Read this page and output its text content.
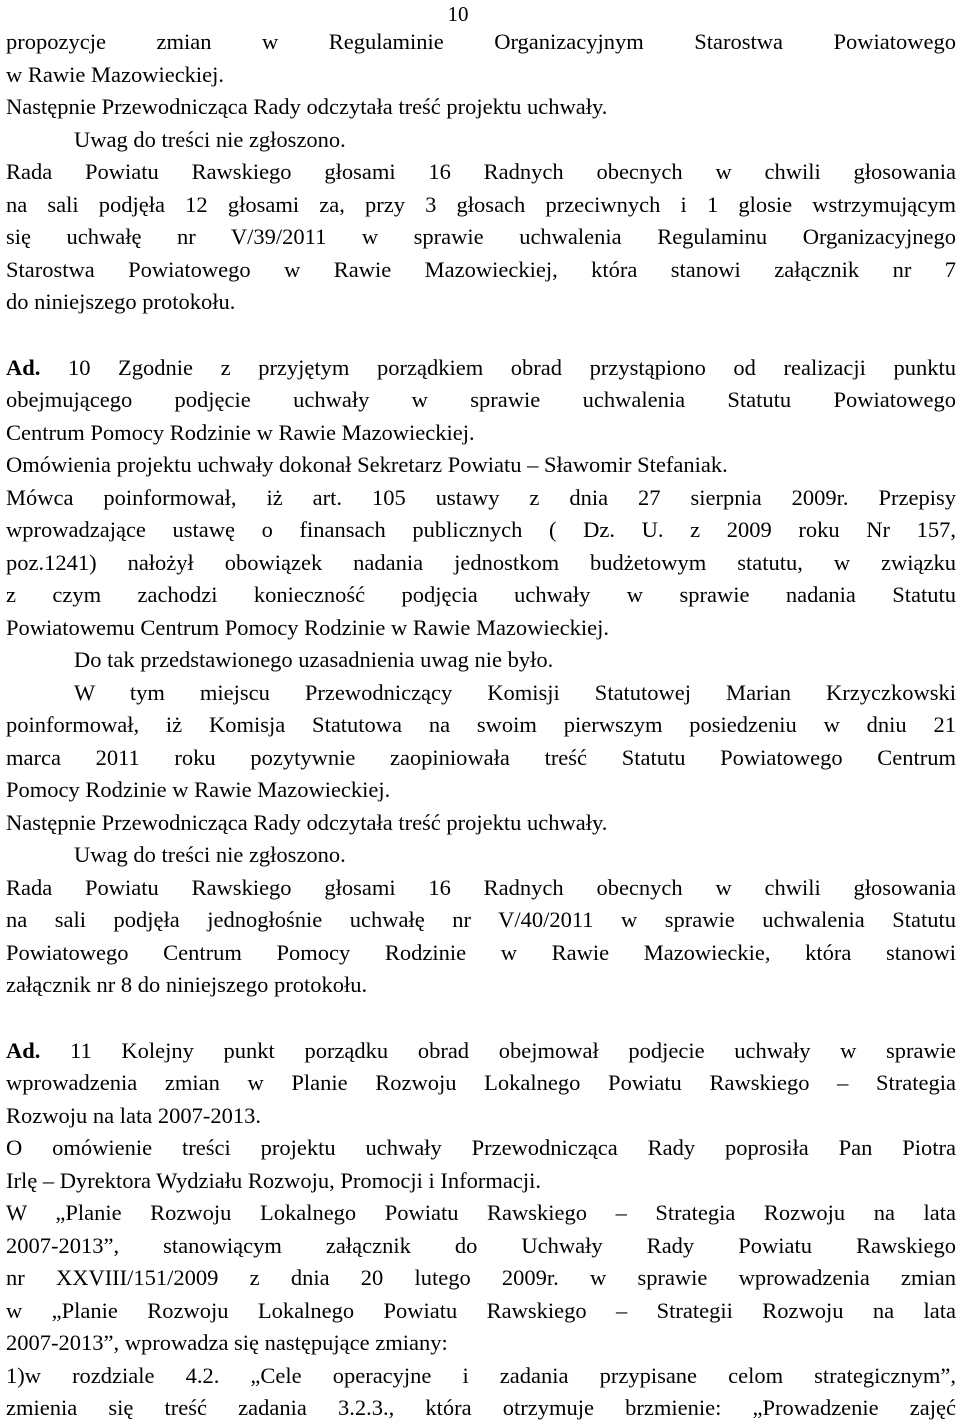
10
propozycje zmian w Regulaminie Organizacyjnym Starostwa Powiatowego
w Rawie Mazowieckiej.
Następnie Przewodnicząca Rady odczytała treść projektu uchwały.
Uwag do treści nie zgłoszono.
Rada Powiatu Rawskiego głosami 16 Radnych obecnych w chwili głosowania
na sali podjęła 12 głosami za, przy 3 głosach przeciwnych i 1 glosie wstrzymującym
się uchwałę nr V/39/2011 w sprawie uchwalenia Regulaminu Organizacyjnego
Starostwa Powiatowego w Rawie Mazowieckiej, która stanowi załącznik nr 7
do niniejszego protokołu.
Ad. 10 Zgodnie z przyjętym porządkiem obrad przystąpiono od realizacji punktu
obejmującego podjęcie uchwały w sprawie uchwalenia Statutu Powiatowego
Centrum Pomocy Rodzinie w Rawie Mazowieckiej.
Omówienia projektu uchwały dokonał Sekretarz Powiatu – Sławomir Stefaniak.
Mówca poinformował, iż art. 105 ustawy z dnia 27 sierpnia 2009r. Przepisy
wprowadzające ustawę o finansach publicznych ( Dz. U. z 2009 roku Nr 157,
poz.1241) nałożył obowiązek nadania jednostkom budżetowym statutu, w związku
z czym zachodzi konieczność podjęcia uchwały w sprawie nadania Statutu
Powiatowemu Centrum Pomocy Rodzinie w Rawie Mazowieckiej.
Do tak przedstawionego uzasadnienia uwag nie było.
W tym miejscu Przewodniczący Komisji Statutowej Marian Krzyczkowski
poinformował, iż Komisja Statutowa na swoim pierwszym posiedzeniu w dniu 21
marca 2011 roku pozytywnie zaopiniowała treść Statutu Powiatowego Centrum
Pomocy Rodzinie w Rawie Mazowieckiej.
Następnie Przewodnicząca Rady odczytała treść projektu uchwały.
Uwag do treści nie zgłoszono.
Rada Powiatu Rawskiego głosami 16 Radnych obecnych w chwili głosowania
na sali podjęła jednogłośnie uchwałę nr V/40/2011 w sprawie uchwalenia Statutu
Powiatowego Centrum Pomocy Rodzinie w Rawie Mazowieckie, która stanowi
załącznik nr 8 do niniejszego protokołu.
Ad. 11 Kolejny punkt porządku obrad obejmował podjecie uchwały w sprawie
wprowadzenia zmian w Planie Rozwoju Lokalnego Powiatu Rawskiego – Strategia
Rozwoju na lata 2007-2013.
O omówienie treści projektu uchwały Przewodnicząca Rady poprosiła Pan Piotra
Irlę – Dyrektora Wydziału Rozwoju, Promocji i Informacji.
W „Planie Rozwoju Lokalnego Powiatu Rawskiego – Strategia Rozwoju na lata
2007-2013”, stanowiącym załącznik do Uchwały Rady Powiatu Rawskiego
nr XXVIII/151/2009 z dnia 20 lutego 2009r. w sprawie wprowadzenia zmian
w „Planie Rozwoju Lokalnego Powiatu Rawskiego – Strategii Rozwoju na lata
2007-2013”, wprowadza się następujące zmiany:
1)w rozdziale 4.2. „Cele operacyjne i zadania przypisane celom strategicznym”,
zmienia się treść zadania 3.2.3., która otrzymuje brzmienie: „Prowadzenie zajęć
